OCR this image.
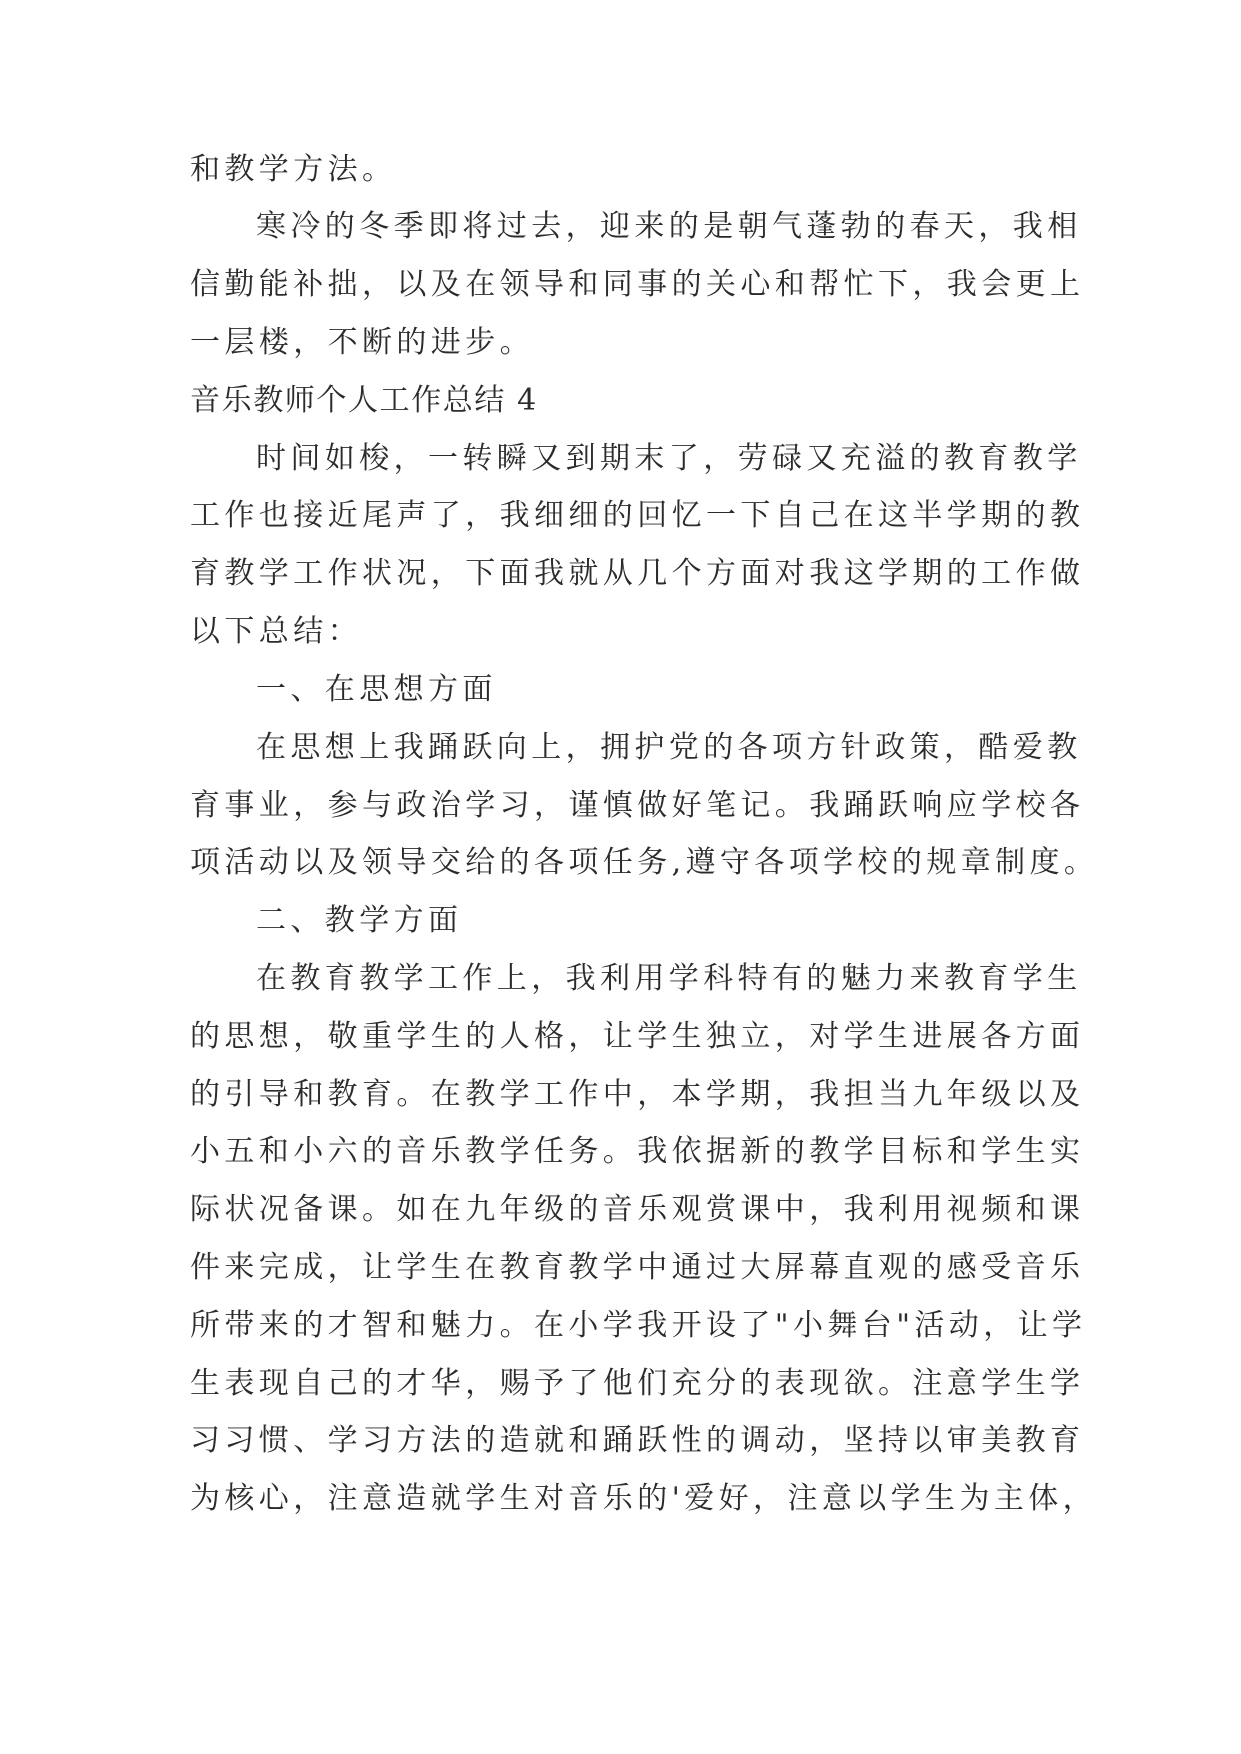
和教学方法。

寒冷的冬季即将过去，迎来的是朝气蓬勃的春天，我相

信勤能补拙，以及在领导和同事的关心和帮忙下，我会更上

一层楼，不断的进步。

音乐教师个人工作总结 4

时间如梭，一转瞬又到期末了，劳碌又充溢的教育教学

工作也接近尾声了，我细细的回忆一下自己在这半学期的教

育教学工作状况，下面我就从几个方面对我这学期的工作做

以下总结：

一、在思想方面

在思想上我踊跃向上，拥护党的各项方针政策，酷爱教

育事业，参与政治学习，谨慎做好笔记。我踊跃响应学校各

项活动以及领导交给的各项任务,遵守各项学校的规章制度。

二、教学方面

在教育教学工作上，我利用学科特有的魅力来教育学生

的思想，敬重学生的人格，让学生独立，对学生进展各方面

的引导和教育。在教学工作中，本学期，我担当九年级以及

小五和小六的音乐教学任务。我依据新的教学目标和学生实

际状况备课。如在九年级的音乐观赏课中，我利用视频和课

件来完成，让学生在教育教学中通过大屏幕直观的感受音乐

所带来的才智和魅力。在小学我开设了"小舞台"活动，让学

生表现自己的才华，赐予了他们充分的表现欲。注意学生学

习习惯、学习方法的造就和踊跃性的调动，坚持以审美教育

为核心，注意造就学生对音乐的'爱好，注意以学生为主体，
